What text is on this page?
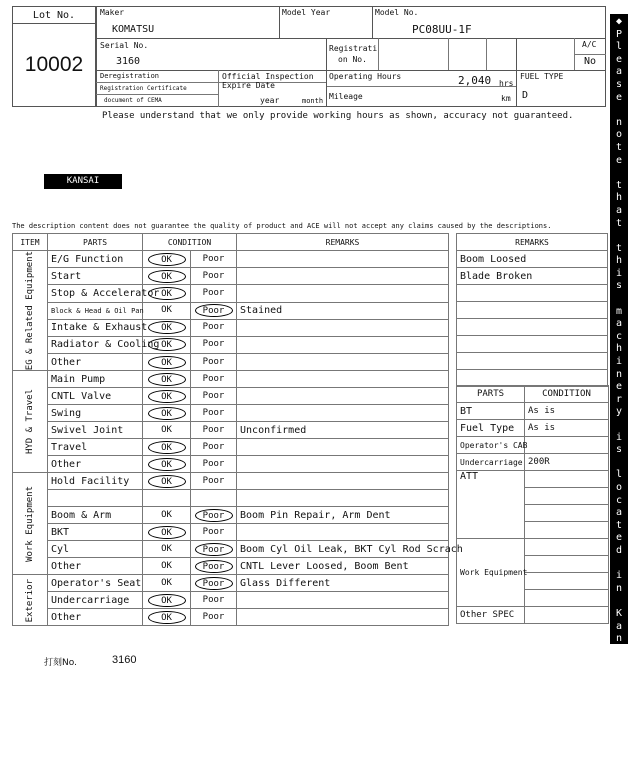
Lot No.
10002
Maker
KOMATSU
Model Year	Model No.
PC08UU-1F
Serial No.
3160
Registrati
on No.
A/C
No
Deregistration
Registration Certificate
document of CEMA
Official Inspection
Expire Date
year	month
Operating Hours	2,040 hrs
Mileage	km
FUEL TYPE
D
Please understand that we only provide working hours as shown, accuracy not guaranteed.
KANSAI
The description content does not guarantee the quality of product and ACE will not accept any claims caused by the descriptions.
ITEM	PARTS	CONDITION		REMARKS

EG & Related Equipment	E/G Function	OK	Poor	
	Start	OK	Poor	
	Stop & Accelerator	OK	Poor	
	Block & Head & Oil Pan	OK	Poor	Stained
	Intake & Exhaust	OK	Poor	
	Radiator & Cooling	OK	Poor	
	Other	OK	Poor	

HYD & Travel	Main Pump	OK	Poor	
	CNTL Valve	OK	Poor	
	Swing	OK	Poor	
	Swivel Joint	OK	Poor	Unconfirmed
	Travel	OK	Poor	
	Other	OK	Poor	

Work Equipment	Hold Facility	OK	Poor	

	Boom & Arm	OK	Poor	Boom Pin Repair, Arm Dent
	BKT	OK	Poor	
	Cyl	OK	Poor	Boom Cyl Oil Leak, BKT Cyl Rod Scrach
	Other	OK	Poor	CNTL Lever Loosed, Boom Bent

Exterior	Operator's Seat	OK	Poor	Glass Different
	Undercarriage	OK	Poor	
	Other	OK	Poor	
REMARKS
Boom Loosed
Blade Broken

PARTS	CONDITION
BT	As is
Fuel Type	As is
Operator's CAB	
Undercarriage	200R
ATT	

Work Equipment	

Other SPEC	
打刻No.	3160
◆
P
l
e
a
s
e

n
o
t
e

t
h
a
t

t
h
i
s

m
a
c
h
i
n
e
r
y

i
s

l
o
c
a
t
e
d

i
n

K
a
n
s
a
i

Y
a
r
d
◆
